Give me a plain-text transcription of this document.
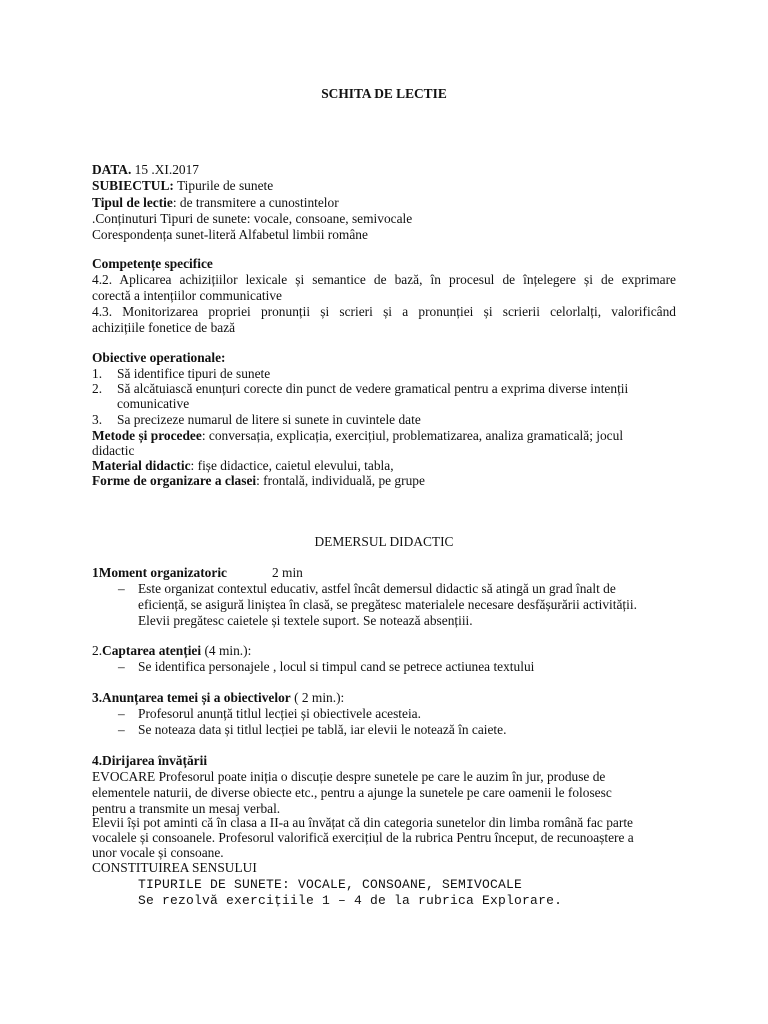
SCHITA DE LECTIE
DATA. 15 .XI.2017
SUBIECTUL: Tipurile de sunete
Tipul de lectie: de transmitere a cunostintelor
.Conținuturi Tipuri de sunete: vocale, consoane, semivocale
Corespondența sunet-literă Alfabetul limbii române
Competențe specifice
4.2. Aplicarea achizițiilor lexicale și semantice de bază, în procesul de înțelegere și de exprimare
corectă a intențiilor communicative
4.3. Monitorizarea propriei pronunții și scrieri și a pronunției și scrierii celorlalți, valorificând
achizițiile fonetice de bază
Obiective operationale:
1. Să identifice tipuri de sunete
2. Să alcătuiască enunțuri corecte din punct de vedere gramatical pentru a exprima diverse intenții
comunicative
3. Sa precizeze numarul de litere si sunete in cuvintele date
Metode și procedee: conversația, explicația, exercițiul, problematizarea, analiza gramaticală; jocul
didactic
Material didactic: fișe didactice, caietul elevului, tabla,
Forme de organizare a clasei: frontală, individuală, pe grupe
DEMERSUL DIDACTIC
1Moment organizatoric	2 min
– Este organizat contextul educativ, astfel încât demersul didactic să atingă un grad înalt de
eficiență, se asigură liniștea în clasă, se pregătesc materialele necesare desfășurării activității.
Elevii pregătesc caietele și textele suport. Se notează absențiii.
2.Captarea atenției (4 min.):
– Se identifica personajele , locul si timpul cand se petrece actiunea textului
3.Anunțarea temei și a obiectivelor ( 2 min.):
– Profesorul anunță titlul lecției și obiectivele acesteia.
– Se noteaza data și titlul lecției pe tablă, iar elevii le notează în caiete.
4.Dirijarea învățării
EVOCARE Profesorul poate iniția o discuție despre sunetele pe care le auzim în jur, produse de
elementele naturii, de diverse obiecte etc., pentru a ajunge la sunetele pe care oamenii le folosesc
pentru a transmite un mesaj verbal.
Elevii își pot aminti că în clasa a II-a au învățat că din categoria sunetelor din limba română fac parte
vocalele și consoanele. Profesorul valorifică exercițiul de la rubrica Pentru început, de recunoaștere a
unor vocale și consoane.
CONSTITUIREA SENSULUI
TIPURILE DE SUNETE: VOCALE, CONSOANE, SEMIVOCALE
Se rezolvă exercițiile 1 – 4 de la rubrica Explorare.
